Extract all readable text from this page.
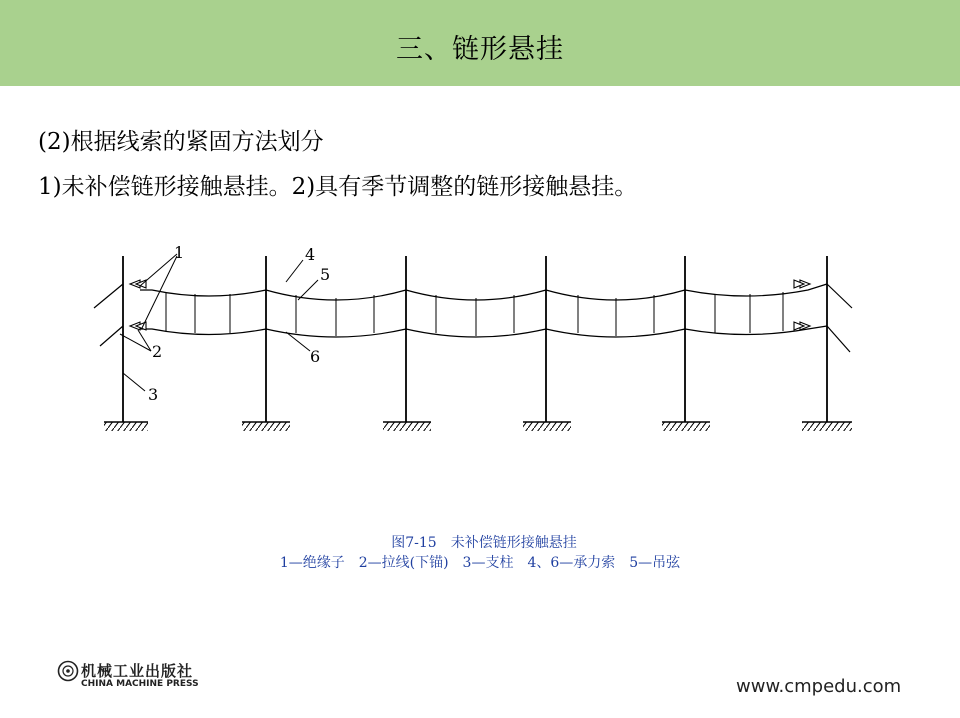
三、链形悬挂
(2)根据线索的紧固方法划分
1)未补偿链形接触悬挂。2)具有季节调整的链形接触悬挂。
1
2
3
4
5
6
图7-15　未补偿链形接触悬挂
1—绝缘子　2—拉线(下锚)　3—支柱　4、6—承力索　5—吊弦
机械工业出版社
CHINA MACHINE PRESS	www.cmpedu.com
